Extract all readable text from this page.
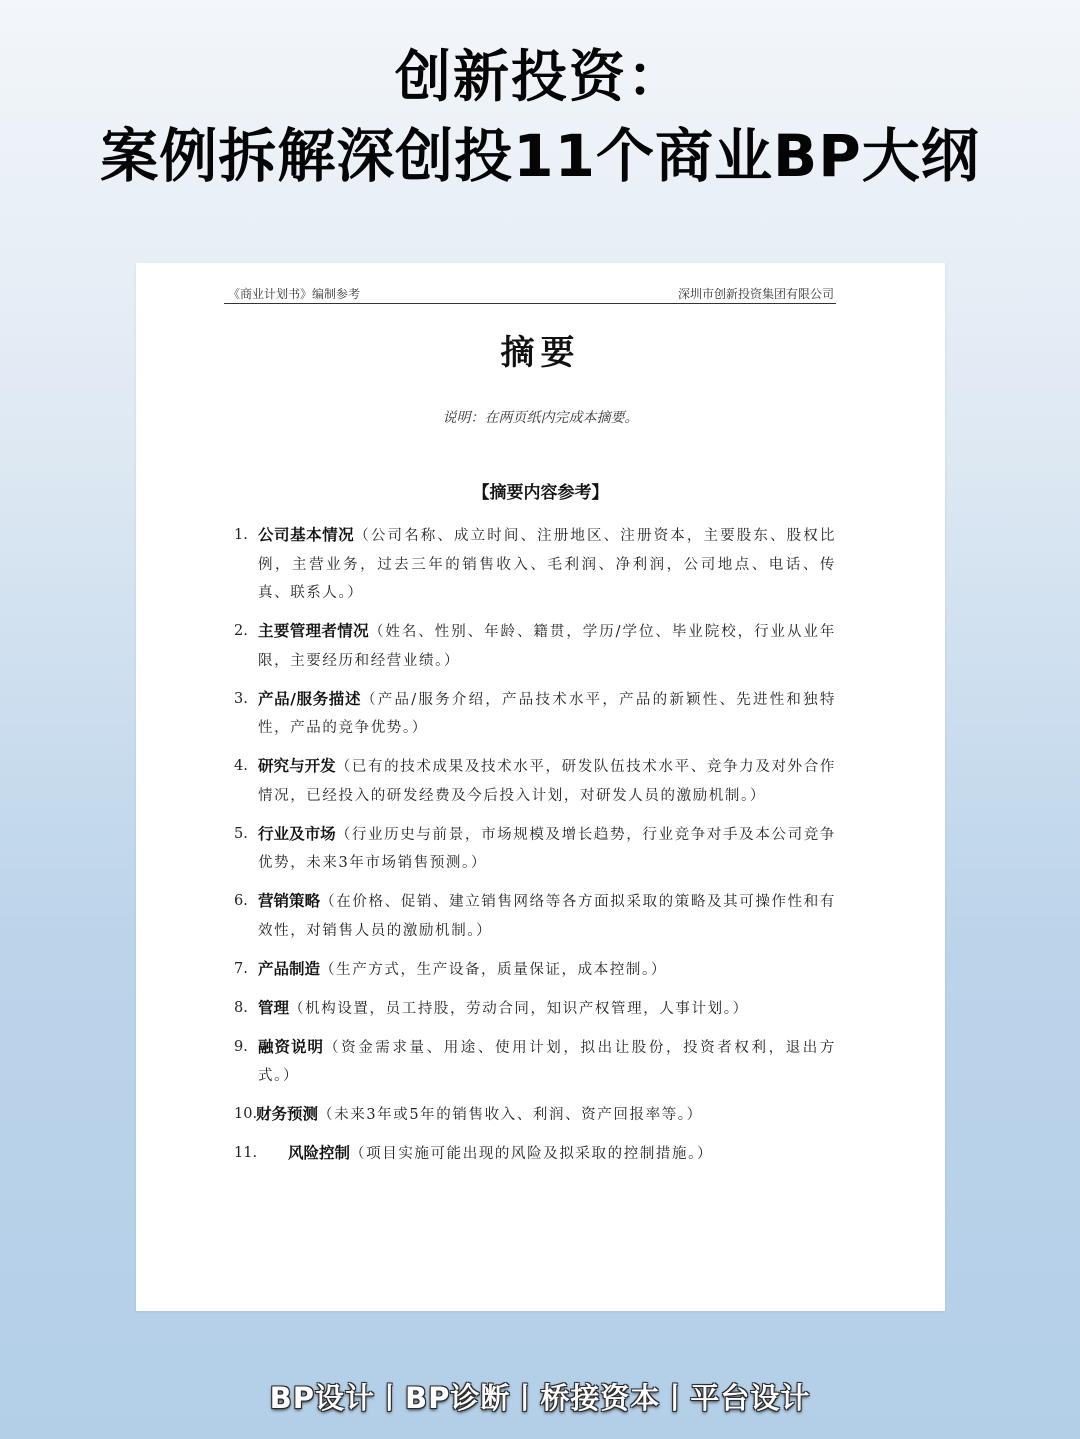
创新投资：
案例拆解深创投11个商业BP大纲
《商业计划书》编制参考	深圳市创新投资集团有限公司
摘要
说明：在两页纸内完成本摘要。
【摘要内容参考】
1. 公司基本情况（公司名称、成立时间、注册地区、注册资本，主要股东、股权比例，主营业务，过去三年的销售收入、毛利润、净利润，公司地点、电话、传真、联系人。）
2. 主要管理者情况（姓名、性别、年龄、籍贯，学历/学位、毕业院校，行业从业年限，主要经历和经营业绩。）
3. 产品/服务描述（产品/服务介绍，产品技术水平，产品的新颖性、先进性和独特性，产品的竞争优势。）
4. 研究与开发（已有的技术成果及技术水平，研发队伍技术水平、竞争力及对外合作情况，已经投入的研发经费及今后投入计划，对研发人员的激励机制。）
5. 行业及市场（行业历史与前景，市场规模及增长趋势，行业竞争对手及本公司竞争优势，未来3年市场销售预测。）
6. 营销策略（在价格、促销、建立销售网络等各方面拟采取的策略及其可操作性和有效性，对销售人员的激励机制。）
7. 产品制造（生产方式，生产设备，质量保证，成本控制。）
8. 管理（机构设置，员工持股，劳动合同，知识产权管理，人事计划。）
9. 融资说明（资金需求量、用途、使用计划，拟出让股份，投资者权利，退出方式。）
10.
财务预测（未来3年或5年的销售收入、利润、资产回报率等。）
11. 风险控制（项目实施可能出现的风险及拟采取的控制措施。）
BP设计丨BP诊断丨桥接资本丨平台设计
